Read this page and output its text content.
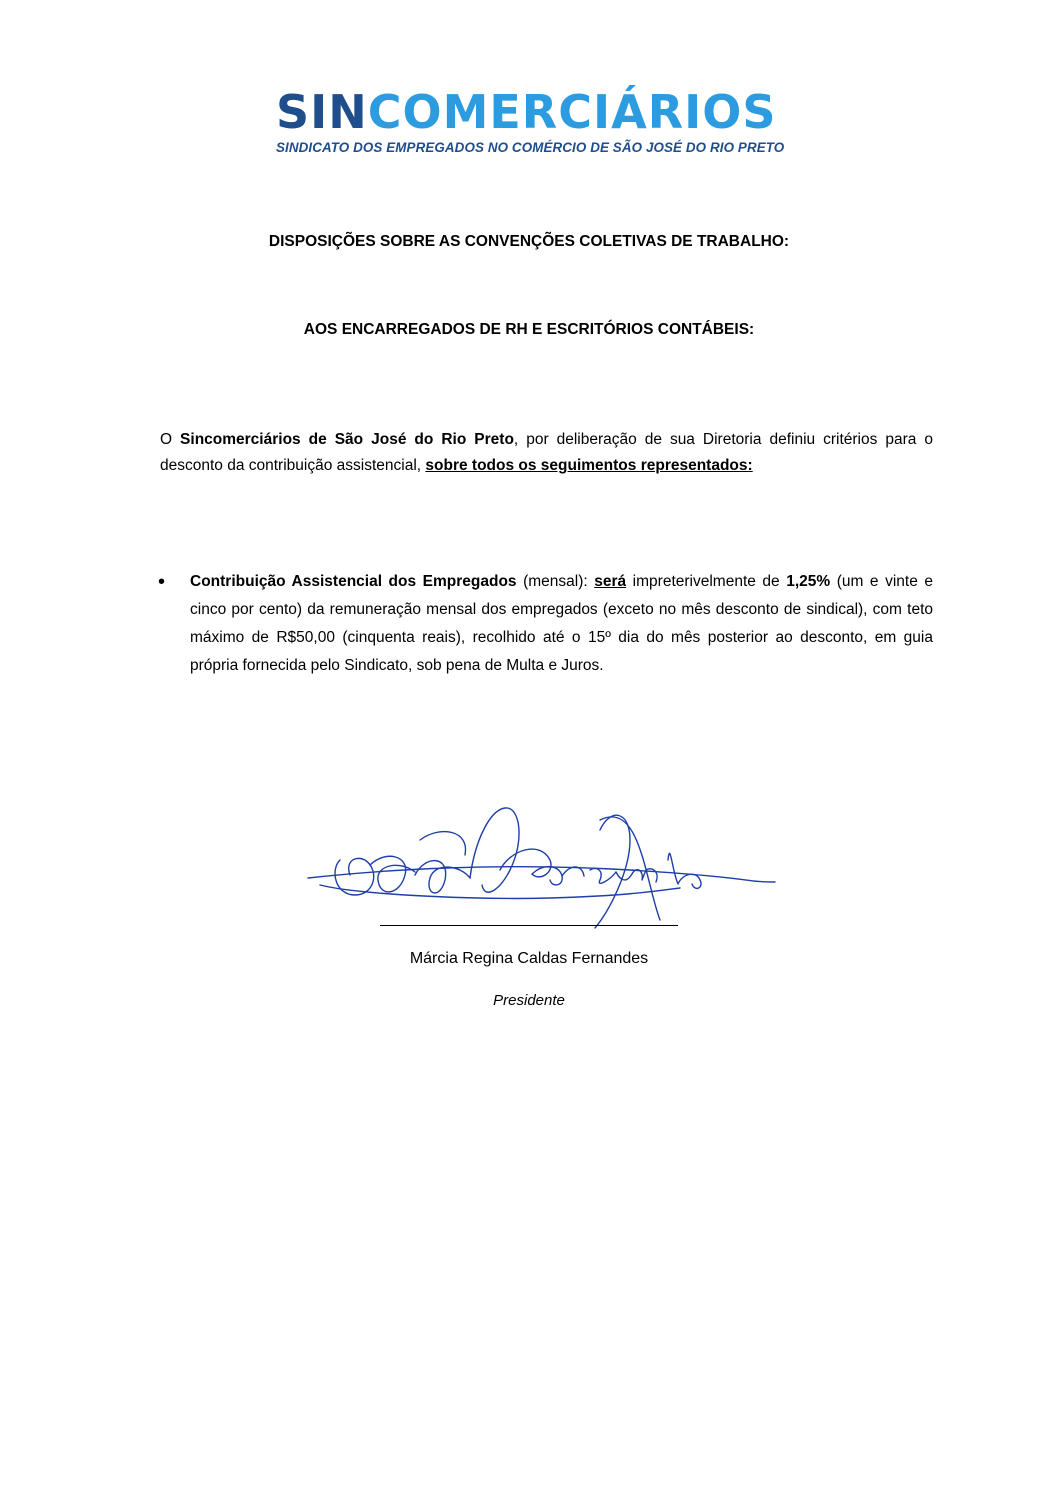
SINCOMERCIÁRIOS
SINDICATO DOS EMPREGADOS NO COMÉRCIO DE SÃO JOSÉ DO RIO PRETO
DISPOSIÇÕES SOBRE AS CONVENÇÕES COLETIVAS DE TRABALHO:
AOS ENCARREGADOS DE RH E ESCRITÓRIOS CONTÁBEIS:
O Sincomerciários de São José do Rio Preto, por deliberação de sua Diretoria definiu critérios para o desconto da contribuição assistencial, sobre todos os seguimentos representados:
• Contribuição Assistencial dos Empregados (mensal): será impreterivelmente de 1,25% (um e vinte e cinco por cento) da remuneração mensal dos empregados (exceto no mês desconto de sindical), com teto máximo de R$50,00 (cinquenta reais), recolhido até o 15º dia do mês posterior ao desconto, em guia própria fornecida pelo Sindicato, sob pena de Multa e Juros.
Márcia Regina Caldas Fernandes
Presidente
